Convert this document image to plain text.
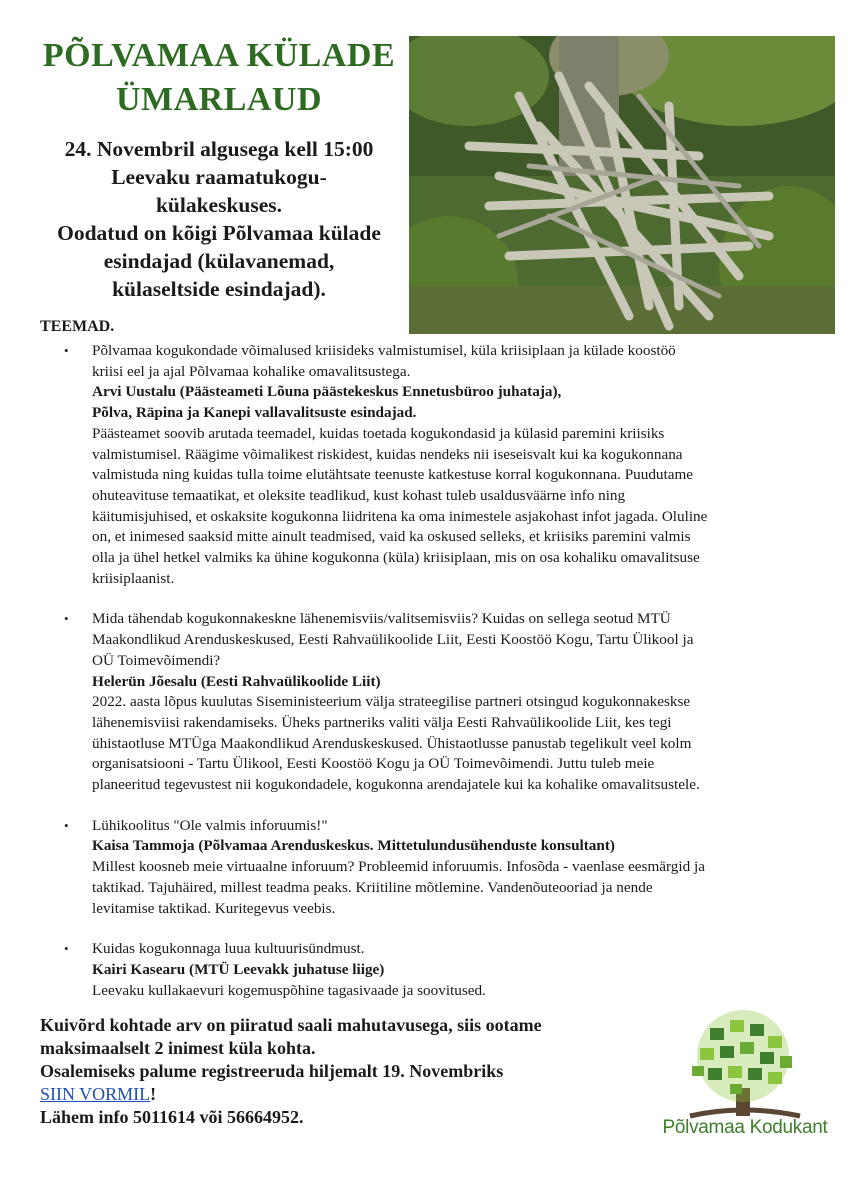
PÕLVAMAA KÜLADE
ÜMARLAUD
24. Novembril algusega kell 15:00
Leevaku raamatukogu-
külakeskuses.
Oodatud on kõigi Põlvamaa külade
esindajad (külavanemad,
külaseltside esindajad).
TEEMAD.
• Põlvamaa kogukondade võimalused kriisideks valmistumisel, küla kriisiplaan ja külade koostöö

kriisi eel ja ajal Põlvamaa kohalike omavalitsustega.

Arvi Uustalu (Päästeameti Lõuna päästekeskus Ennetusbüroo juhataja),

Põlva, Räpina ja Kanepi vallavalitsuste esindajad.

Päästeamet soovib arutada teemadel, kuidas toetada kogukondasid ja külasid paremini kriisiks

valmistumisel. Räägime võimalikest riskidest, kuidas nendeks nii iseseisvalt kui ka kogukonnana

valmistuda ning kuidas tulla toime elutähtsate teenuste katkestuse korral kogukonnana. Puudutame

ohuteavituse temaatikat, et oleksite teadlikud, kust kohast tuleb usaldusväärne info ning

käitumisjuhised, et oskaksite kogukonna liidritena ka oma inimestele asjakohast infot jagada. Oluline

on, et inimesed saaksid mitte ainult teadmised, vaid ka oskused selleks, et kriisiks paremini valmis

olla ja ühel hetkel valmiks ka ühine kogukonna (küla) kriisiplaan, mis on osa kohaliku omavalitsuse

kriisiplaanist.

• Mida tähendab kogukonnakeskne lähenemisviis/valitsemisviis? Kuidas on sellega seotud MTÜ

Maakondlikud Arenduskeskused, Eesti Rahvaülikoolide Liit, Eesti Koostöö Kogu, Tartu Ülikool ja

OÜ Toimevõimendi?

Helerün Jõesalu (Eesti Rahvaülikoolide Liit)

2022. aasta lõpus kuulutas Siseministeerium välja strateegilise partneri otsingud kogukonnakeskse

lähenemisviisi rakendamiseks. Üheks partneriks valiti välja Eesti Rahvaülikoolide Liit, kes tegi

ühistaotluse MTÜga Maakondlikud Arenduskeskused. Ühistaotlusse panustab tegelikult veel kolm

organisatsiooni - Tartu Ülikool, Eesti Koostöö Kogu ja OÜ Toimevõimendi. Juttu tuleb meie

planeeritud tegevustest nii kogukondadele, kogukonna arendajatele kui ka kohalike omavalitsustele.

• Lühikoolitus "Ole valmis inforuumis!"

Kaisa Tammoja (Põlvamaa Arenduskeskus. Mittetulundusühenduste konsultant)

Millest koosneb meie virtuaalne inforuum? Probleemid inforuumis. Infosõda - vaenlase eesmärgid ja

taktikad. Tajuhäired, millest teadma peaks. Kriitiline mõtlemine. Vandenõuteooriad ja nende

levitamise taktikad. Kuritegevus veebis.

• Kuidas kogukonnaga luua kultuurisündmust.

Kairi Kasearu (MTÜ Leevakk juhatuse liige)

Leevaku kullakaevuri kogemuspõhine tagasivaade ja soovitused.

Kuivõrd kohtade arv on piiratud saali mahutavusega, siis ootame
maksimaalselt 2 inimest küla kohta.
Osalemiseks palume registreeruda hiljemalt 19. Novembriks
SIIN VORMIL!
Lähem info 5011614 või 56664952.	Põlvamaa Kodukant
